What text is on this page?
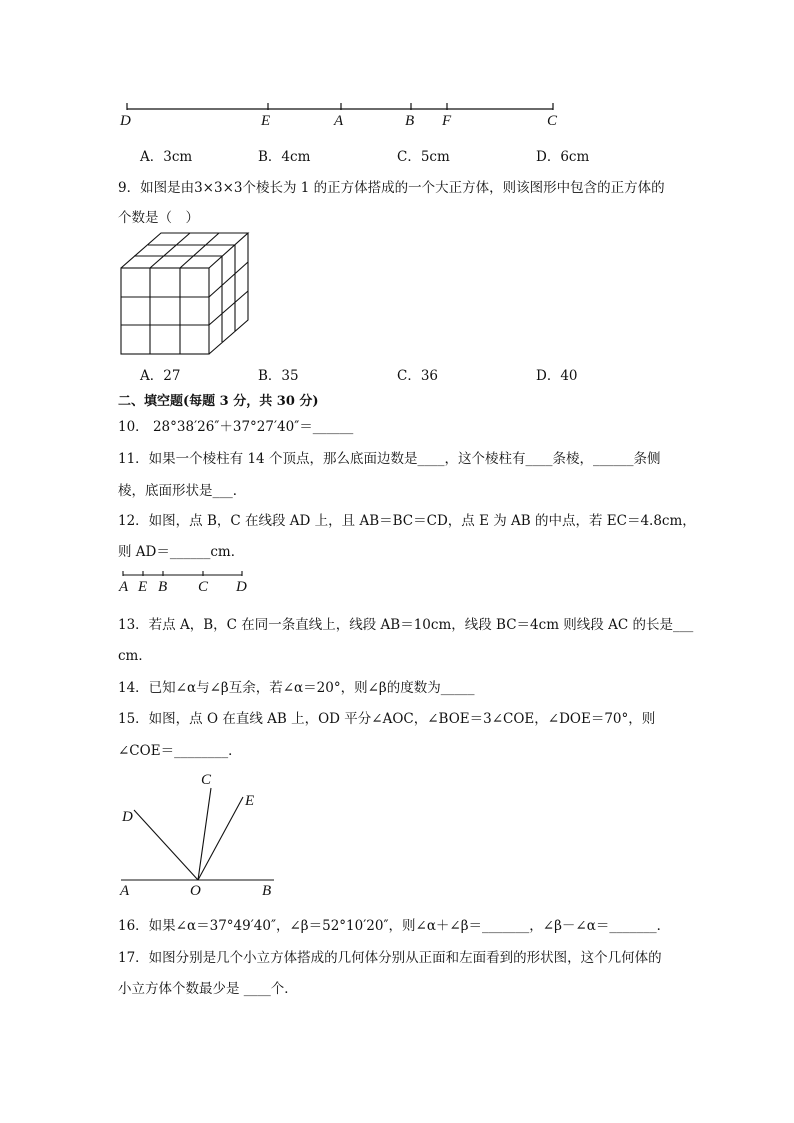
D	E	A	B F	C
A E B C D
C
E
D
A	O	B
A．3cm	B．4cm	C．5cm	D．6cm
9．如图是由3×3×3个棱长为 1 的正方体搭成的一个大正方体，则该图形中包含的正方体的
个数是（　）
A．27	B．35	C．36	D．40
二、填空题(每题 3 分，共 30 分)
10． 28°38′26″＋37°27′40″＝______
11．如果一个棱柱有 14 个顶点，那么底面边数是____，这个棱柱有____条棱，______条侧
棱，底面形状是___．
12．如图，点 B，C 在线段 AD 上，且 AB＝BC＝CD，点 E 为 AB 的中点，若 EC＝4.8cm，
则 AD＝______cm．
13．若点 A，B，C 在同一条直线上，线段 AB＝10cm，线段 BC＝4cm 则线段 AC 的长是___
cm．
14．已知∠α与∠β互余，若∠α＝20°，则∠β的度数为_____
15．如图，点 O 在直线 AB 上，OD 平分∠AOC，∠BOE＝3∠COE，∠DOE＝70°，则
∠COE＝________．
16．如果∠α＝37°49′40″，∠β＝52°10′20″，则∠α＋∠β＝_______，∠β－∠α＝_______．
17．如图分别是几个小立方体搭成的几何体分别从正面和左面看到的形状图，这个几何体的
小立方体个数最少是 ____个．
